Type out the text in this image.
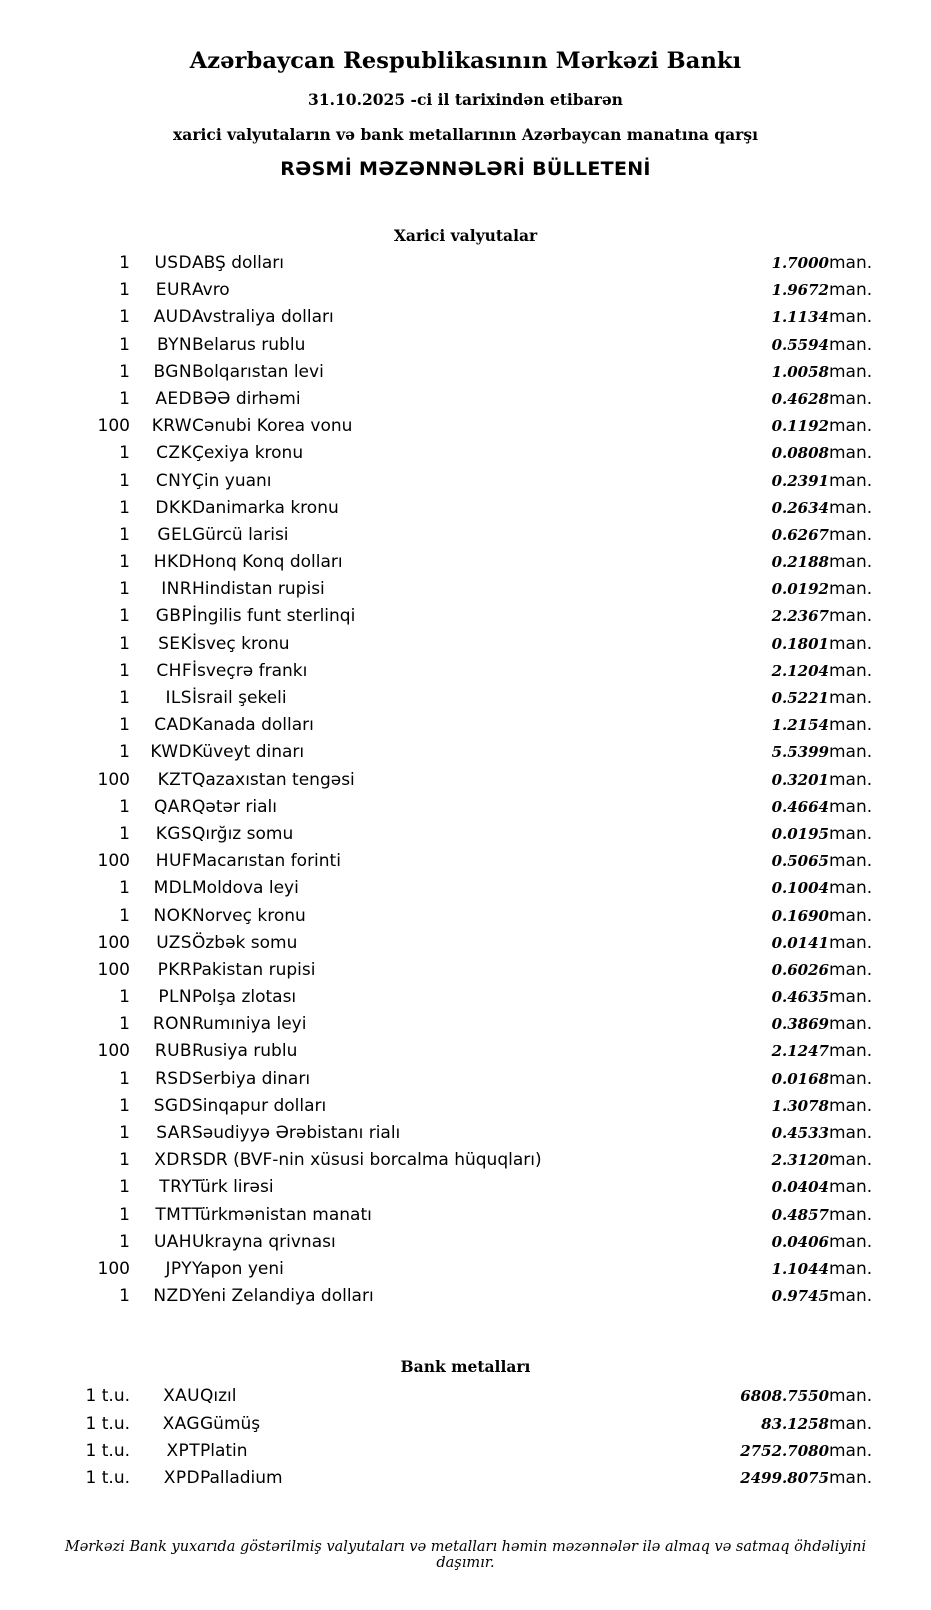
Azərbaycan Respublikasının Mərkəzi Bankı
31.10.2025 -ci il tarixindən etibarən
xarici valyutaların və bank metallarının Azərbaycan manatına qarşı
RƏSMİ MƏZƏNNƏLƏRİ BÜLLETENİ
Xarici valyutalar
1	USD	ABŞ dolları	1.7000	man.
1	EUR	Avro	1.9672	man.
1	AUD	Avstraliya dolları	1.1134	man.
1	BYN	Belarus rublu	0.5594	man.
1	BGN	Bolqarıstan levi	1.0058	man.
1	AED	BƏƏ dirhəmi	0.4628	man.
100	KRW	Cənubi Korea vonu	0.1192	man.
1	CZK	Çexiya kronu	0.0808	man.
1	CNY	Çin yuanı	0.2391	man.
1	DKK	Danimarka kronu	0.2634	man.
1	GEL	Gürcü larisi	0.6267	man.
1	HKD	Honq Konq dolları	0.2188	man.
1	INR	Hindistan rupisi	0.0192	man.
1	GBP	İngilis funt sterlinqi	2.2367	man.
1	SEK	İsveç kronu	0.1801	man.
1	CHF	İsveçrə frankı	2.1204	man.
1	ILS	İsrail şekeli	0.5221	man.
1	CAD	Kanada dolları	1.2154	man.
1	KWD	Küveyt dinarı	5.5399	man.
100	KZT	Qazaxıstan tengəsi	0.3201	man.
1	QAR	Qətər rialı	0.4664	man.
1	KGS	Qırğız somu	0.0195	man.
100	HUF	Macarıstan forinti	0.5065	man.
1	MDL	Moldova leyi	0.1004	man.
1	NOK	Norveç kronu	0.1690	man.
100	UZS	Özbək somu	0.0141	man.
100	PKR	Pakistan rupisi	0.6026	man.
1	PLN	Polşa zlotası	0.4635	man.
1	RON	Rumıniya leyi	0.3869	man.
100	RUB	Rusiya rublu	2.1247	man.
1	RSD	Serbiya dinarı	0.0168	man.
1	SGD	Sinqapur dolları	1.3078	man.
1	SAR	Səudiyyə Ərəbistanı rialı	0.4533	man.
1	XDR	SDR (BVF-nin xüsusi borcalma hüquqları)	2.3120	man.
1	TRY	Türk lirəsi	0.0404	man.
1	TMT	Türkmənistan manatı	0.4857	man.
1	UAH	Ukrayna qrivnası	0.0406	man.
100	JPY	Yapon yeni	1.1044	man.
1	NZD	Yeni Zelandiya dolları	0.9745	man.
Bank metalları
1 t.u.	XAU	Qızıl	6808.7550	man.
1 t.u.	XAG	Gümüş	83.1258	man.
1 t.u.	XPT	Platin	2752.7080	man.
1 t.u.	XPD	Palladium	2499.8075	man.
Mərkəzi Bank yuxarıda göstərilmiş valyutaları və metalları həmin məzənnələr ilə almaq və satmaq öhdəliyini daşımır.
